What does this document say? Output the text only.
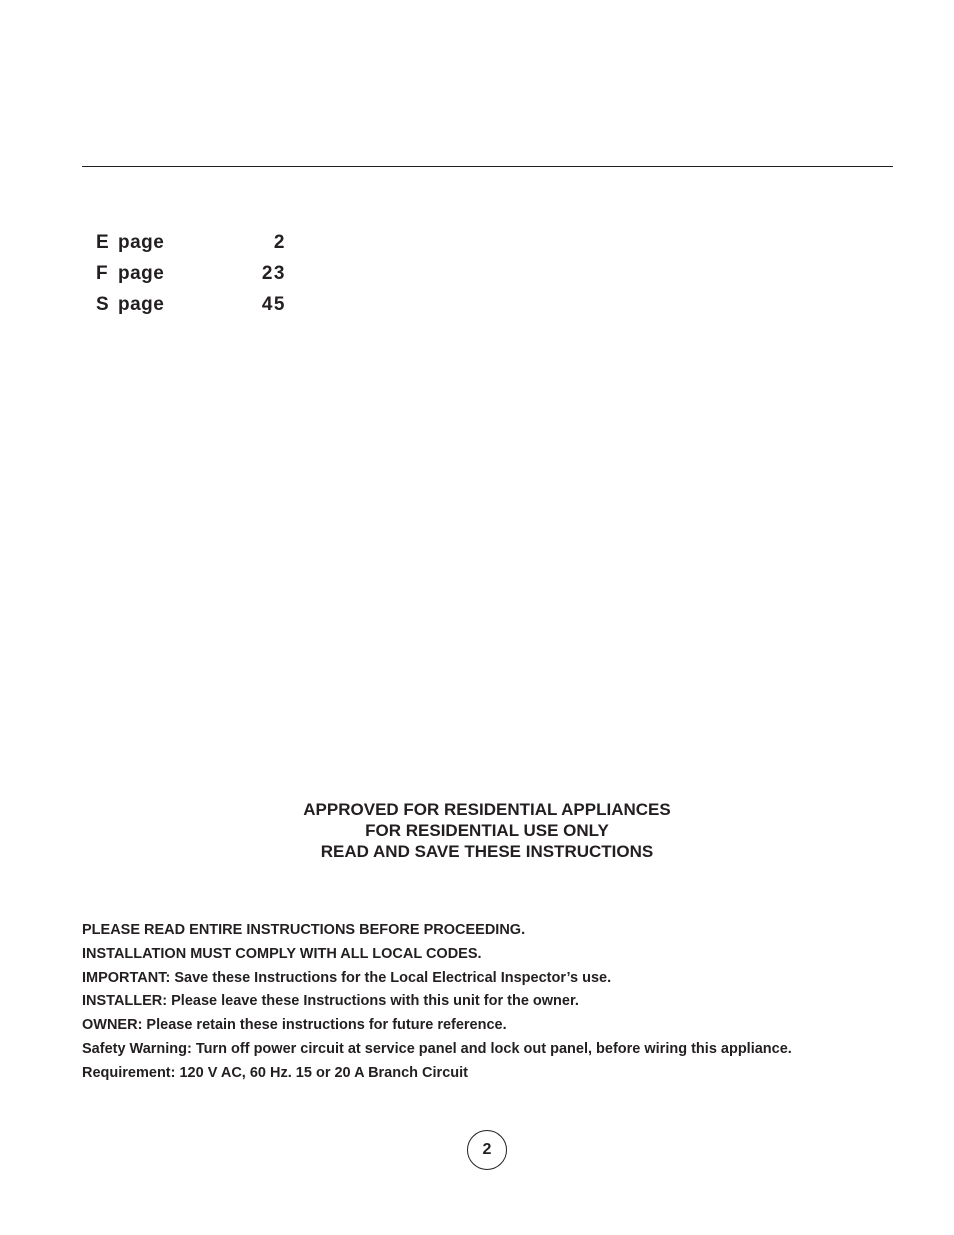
E page	2
F page	23
S page	45
APPROVED FOR RESIDENTIAL APPLIANCES
FOR RESIDENTIAL USE ONLY
READ AND SAVE THESE INSTRUCTIONS
PLEASE READ ENTIRE INSTRUCTIONS BEFORE PROCEEDING.
INSTALLATION MUST COMPLY WITH ALL LOCAL CODES.
IMPORTANT: Save these Instructions for the Local Electrical Inspector’s use.
INSTALLER: Please leave these Instructions with this unit for the owner.
OWNER: Please retain these instructions for future reference.
Safety Warning: Turn off power circuit at service panel and lock out panel, before wiring this appliance.
Requirement: 120 V AC, 60 Hz. 15 or 20 A Branch Circuit
2
